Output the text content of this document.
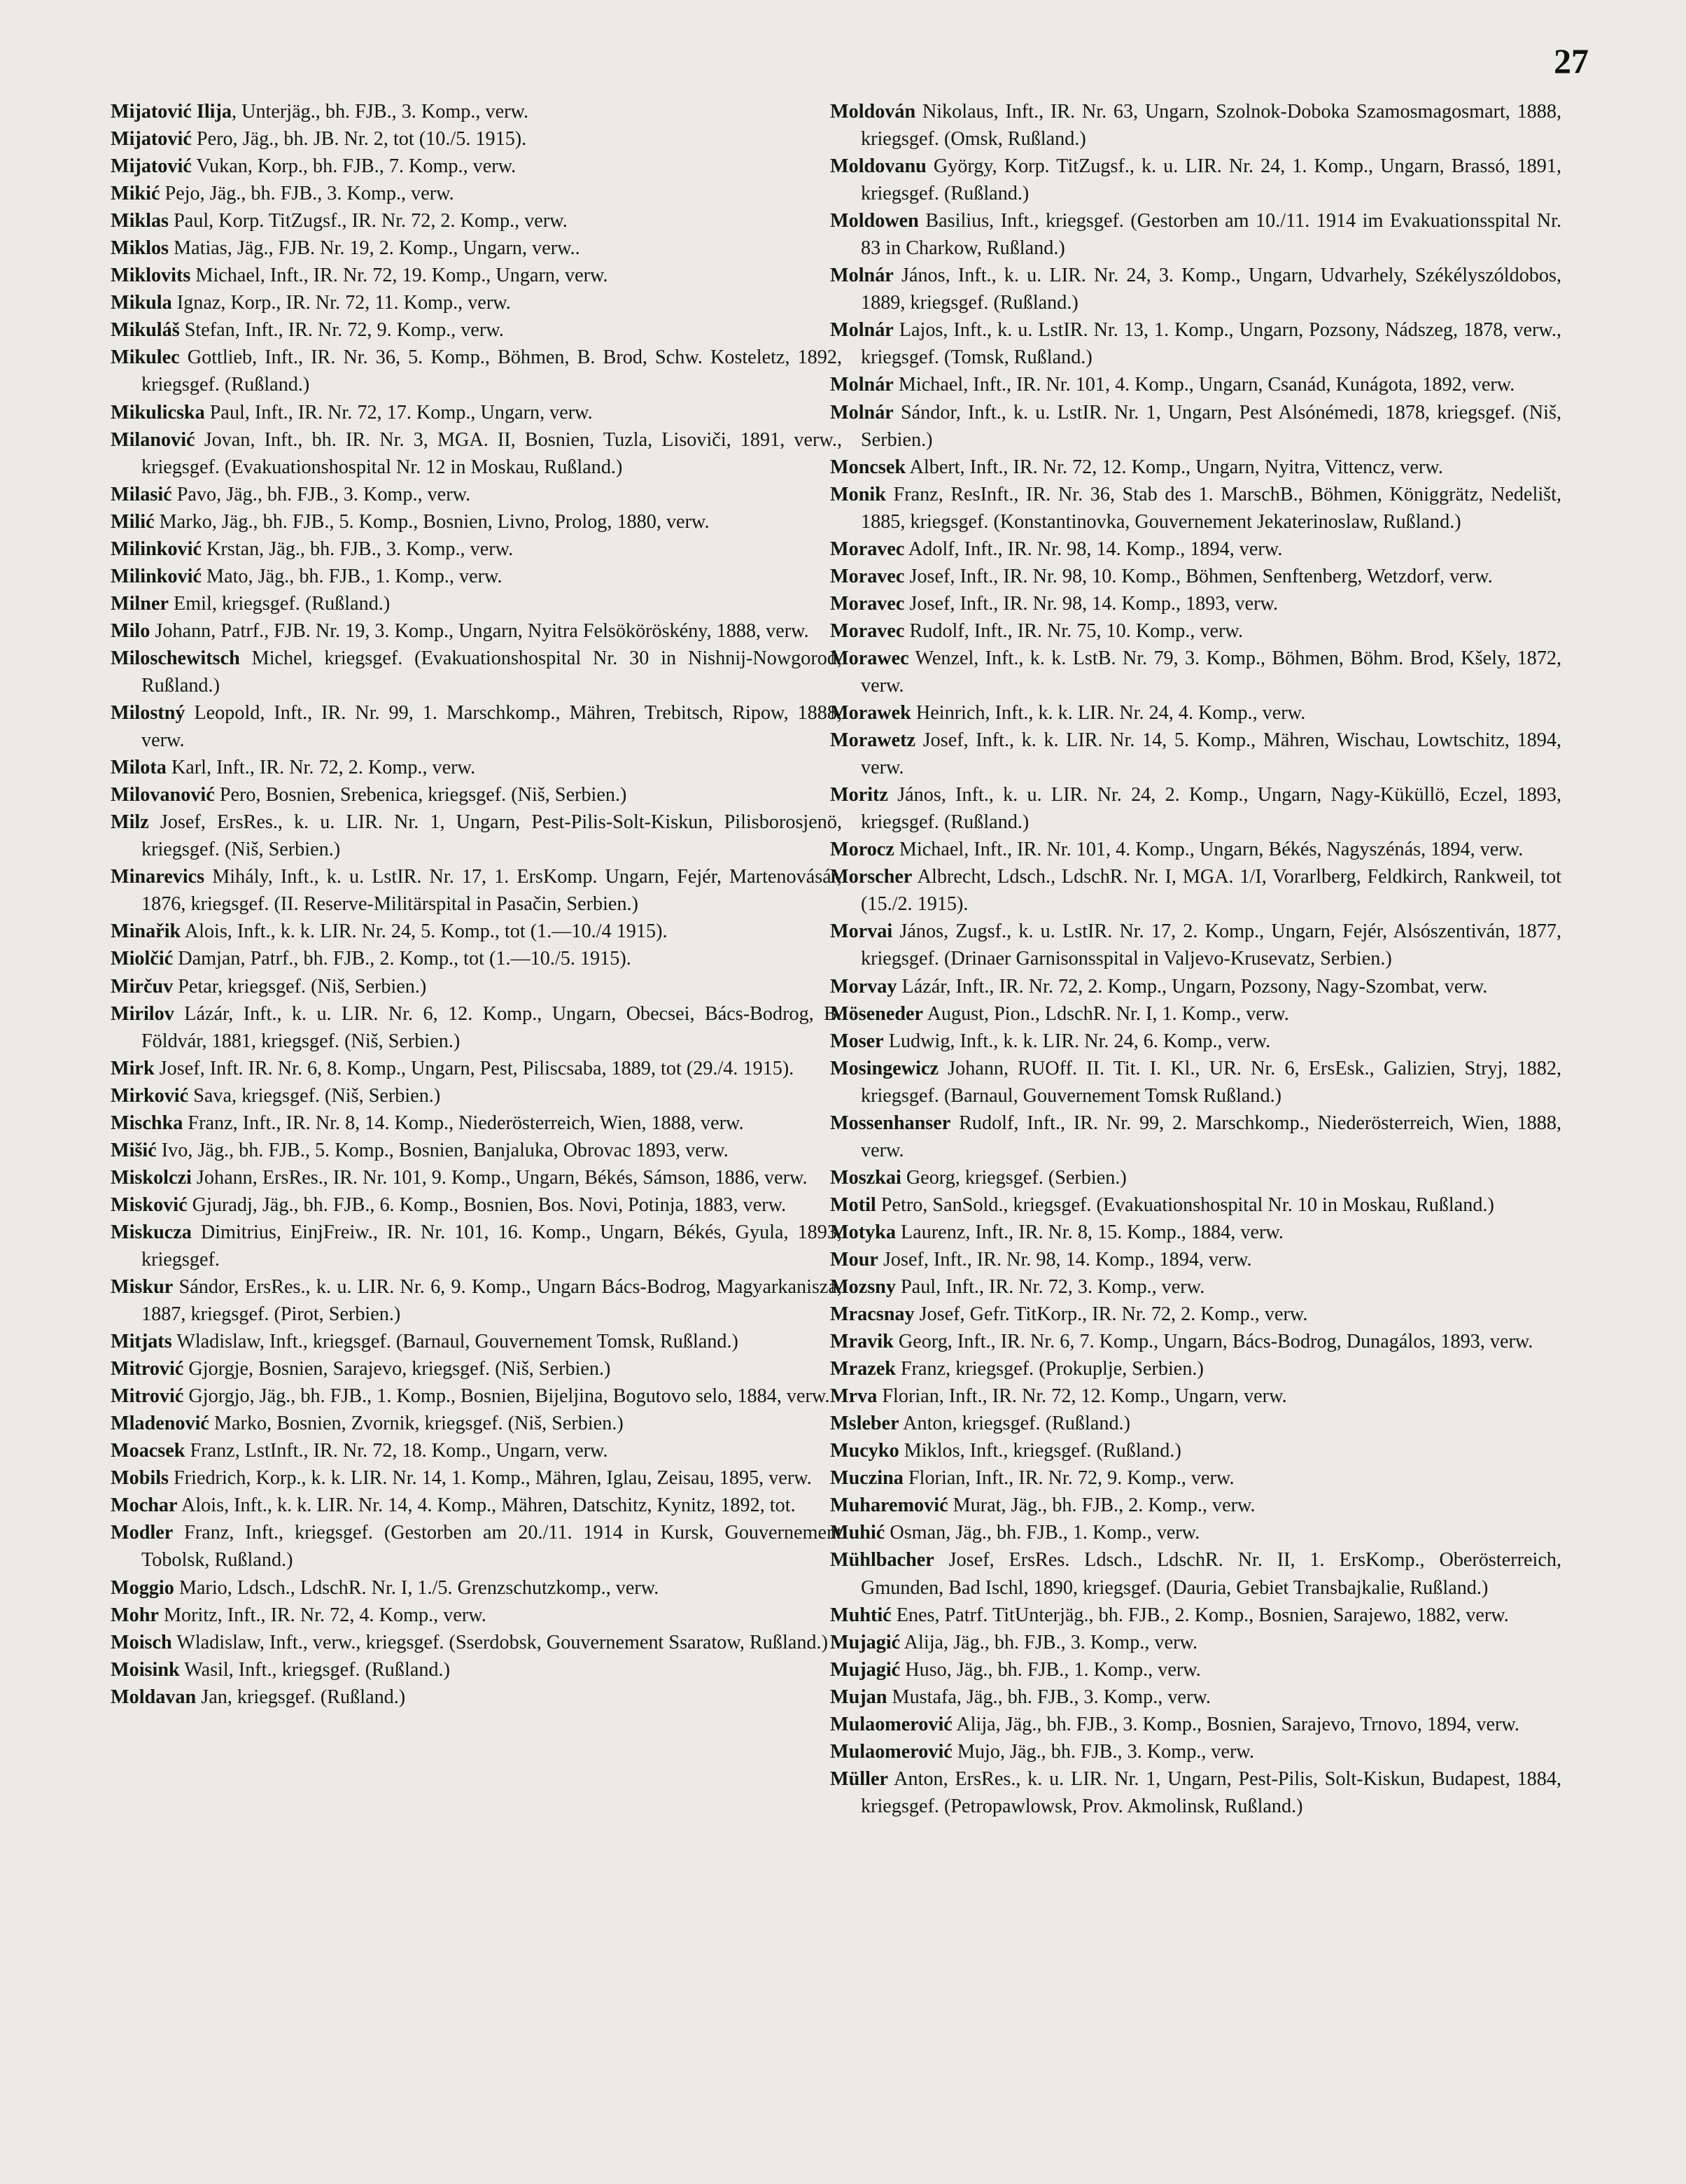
27
Mijatović Ilija, Unterjäg., bh. FJB., 3. Komp., verw.
Mijatović Pero, Jäg., bh. JB. Nr. 2, tot (10./5. 1915).
Mijatović Vukan, Korp., bh. FJB., 7. Komp., verw.
Mikić Pejo, Jäg., bh. FJB., 3. Komp., verw.
Miklas Paul, Korp. TitZugsf., IR. Nr. 72, 2. Komp., verw.
Miklos Matias, Jäg., FJB. Nr. 19, 2. Komp., Ungarn, verw..
Miklovits Michael, Inft., IR. Nr. 72, 19. Komp., Ungarn, verw.
Mikula Ignaz, Korp., IR. Nr. 72, 11. Komp., verw.
Mikuláš Stefan, Inft., IR. Nr. 72, 9. Komp., verw.
Mikulec Gottlieb, Inft., IR. Nr. 36, 5. Komp., Böhmen, B. Brod, Schw. Kosteletz, 1892, kriegsgef. (Rußland.)
Mikulicska Paul, Inft., IR. Nr. 72, 17. Komp., Ungarn, verw.
Milanović Jovan, Inft., bh. IR. Nr. 3, MGA. II, Bosnien, Tuzla, Lisoviči, 1891, verw., kriegsgef. (Evakuationshospital Nr. 12 in Moskau, Rußland.)
Milasić Pavo, Jäg., bh. FJB., 3. Komp., verw.
Milić Marko, Jäg., bh. FJB., 5. Komp., Bosnien, Livno, Prolog, 1880, verw.
Milinković Krstan, Jäg., bh. FJB., 3. Komp., verw.
Milinković Mato, Jäg., bh. FJB., 1. Komp., verw.
Milner Emil, kriegsgef. (Rußland.)
Milo Johann, Patrf., FJB. Nr. 19, 3. Komp., Ungarn, Nyitra Felsököröskény, 1888, verw.
Miloschewitsch Michel, kriegsgef. (Evakuationshospital Nr. 30 in Nishnij-Nowgorod, Rußland.)
Milostný Leopold, Inft., IR. Nr. 99, 1. Marschkomp., Mähren, Trebitsch, Ripow, 1888, verw.
Milota Karl, Inft., IR. Nr. 72, 2. Komp., verw.
Milovanović Pero, Bosnien, Srebenica, kriegsgef. (Niš, Serbien.)
Milz Josef, ErsRes., k. u. LIR. Nr. 1, Ungarn, Pest-Pilis-Solt-Kiskun, Pilisborosjenö, kriegsgef. (Niš, Serbien.)
Minarevics Mihály, Inft., k. u. LstIR. Nr. 17, 1. ErsKomp. Ungarn, Fejér, Martenovásár, 1876, kriegsgef. (II. Reserve-Militärspital in Pasačin, Serbien.)
Minařik Alois, Inft., k. k. LIR. Nr. 24, 5. Komp., tot (1.—10./4 1915).
Miolčić Damjan, Patrf., bh. FJB., 2. Komp., tot (1.—10./5. 1915).
Mirčuv Petar, kriegsgef. (Niš, Serbien.)
Mirilov Lázár, Inft., k. u. LIR. Nr. 6, 12. Komp., Ungarn, Obecsei, Bács-Bodrog, B. Földvár, 1881, kriegsgef. (Niš, Serbien.)
Mirk Josef, Inft. IR. Nr. 6, 8. Komp., Ungarn, Pest, Piliscsaba, 1889, tot (29./4. 1915).
Mirković Sava, kriegsgef. (Niš, Serbien.)
Mischka Franz, Inft., IR. Nr. 8, 14. Komp., Niederösterreich, Wien, 1888, verw.
Mišić Ivo, Jäg., bh. FJB., 5. Komp., Bosnien, Banjaluka, Obrovac 1893, verw.
Miskolczi Johann, ErsRes., IR. Nr. 101, 9. Komp., Ungarn, Békés, Sámson, 1886, verw.
Misković Gjuradj, Jäg., bh. FJB., 6. Komp., Bosnien, Bos. Novi, Potinja, 1883, verw.
Miskucza Dimitrius, EinjFreiw., IR. Nr. 101, 16. Komp., Ungarn, Békés, Gyula, 1893, kriegsgef.
Miskur Sándor, ErsRes., k. u. LIR. Nr. 6, 9. Komp., Ungarn Bács-Bodrog, Magyarkanisza, 1887, kriegsgef. (Pirot, Serbien.)
Mitjats Wladislaw, Inft., kriegsgef. (Barnaul, Gouvernement Tomsk, Rußland.)
Mitrović Gjorgje, Bosnien, Sarajevo, kriegsgef. (Niš, Serbien.)
Mitrović Gjorgjo, Jäg., bh. FJB., 1. Komp., Bosnien, Bijeljina, Bogutovo selo, 1884, verw.
Mladenović Marko, Bosnien, Zvornik, kriegsgef. (Niš, Serbien.)
Moacsek Franz, LstInft., IR. Nr. 72, 18. Komp., Ungarn, verw.
Mobils Friedrich, Korp., k. k. LIR. Nr. 14, 1. Komp., Mähren, Iglau, Zeisau, 1895, verw.
Mochar Alois, Inft., k. k. LIR. Nr. 14, 4. Komp., Mähren, Datschitz, Kynitz, 1892, tot.
Modler Franz, Inft., kriegsgef. (Gestorben am 20./11. 1914 in Kursk, Gouvernement Tobolsk, Rußland.)
Moggio Mario, Ldsch., LdschR. Nr. I, 1./5. Grenzschutzkomp., verw.
Mohr Moritz, Inft., IR. Nr. 72, 4. Komp., verw.
Moisch Wladislaw, Inft., verw., kriegsgef. (Sserdobsk, Gouvernement Ssaratow, Rußland.)
Moisink Wasil, Inft., kriegsgef. (Rußland.)
Moldavan Jan, kriegsgef. (Rußland.)
Moldován Nikolaus, Inft., IR. Nr. 63, Ungarn, Szolnok-Doboka Szamosmagosmart, 1888, kriegsgef. (Omsk, Rußland.)
Moldovanu György, Korp. TitZugsf., k. u. LIR. Nr. 24, 1. Komp., Ungarn, Brassó, 1891, kriegsgef. (Rußland.)
Moldowen Basilius, Inft., kriegsgef. (Gestorben am 10./11. 1914 im Evakuationsspital Nr. 83 in Charkow, Rußland.)
Molnár János, Inft., k. u. LIR. Nr. 24, 3. Komp., Ungarn, Udvarhely, Székélyszóldobos, 1889, kriegsgef. (Rußland.)
Molnár Lajos, Inft., k. u. LstIR. Nr. 13, 1. Komp., Ungarn, Pozsony, Nádszeg, 1878, verw., kriegsgef. (Tomsk, Rußland.)
Molnár Michael, Inft., IR. Nr. 101, 4. Komp., Ungarn, Csanád, Kunágota, 1892, verw.
Molnár Sándor, Inft., k. u. LstIR. Nr. 1, Ungarn, Pest Alsónémedi, 1878, kriegsgef. (Niš, Serbien.)
Moncsek Albert, Inft., IR. Nr. 72, 12. Komp., Ungarn, Nyitra, Vittencz, verw.
Monik Franz, ResInft., IR. Nr. 36, Stab des 1. MarschB., Böhmen, Königgrätz, Nedelišt, 1885, kriegsgef. (Konstantinovka, Gouvernement Jekaterinoslaw, Rußland.)
Moravec Adolf, Inft., IR. Nr. 98, 14. Komp., 1894, verw.
Moravec Josef, Inft., IR. Nr. 98, 10. Komp., Böhmen, Senftenberg, Wetzdorf, verw.
Moravec Josef, Inft., IR. Nr. 98, 14. Komp., 1893, verw.
Moravec Rudolf, Inft., IR. Nr. 75, 10. Komp., verw.
Morawec Wenzel, Inft., k. k. LstB. Nr. 79, 3. Komp., Böhmen, Böhm. Brod, Kšely, 1872, verw.
Morawek Heinrich, Inft., k. k. LIR. Nr. 24, 4. Komp., verw.
Morawetz Josef, Inft., k. k. LIR. Nr. 14, 5. Komp., Mähren, Wischau, Lowtschitz, 1894, verw.
Moritz János, Inft., k. u. LIR. Nr. 24, 2. Komp., Ungarn, Nagy-Küküllö, Eczel, 1893, kriegsgef. (Rußland.)
Morocz Michael, Inft., IR. Nr. 101, 4. Komp., Ungarn, Békés, Nagyszénás, 1894, verw.
Morscher Albrecht, Ldsch., LdschR. Nr. I, MGA. 1/I, Vorarlberg, Feldkirch, Rankweil, tot (15./2. 1915).
Morvai János, Zugsf., k. u. LstIR. Nr. 17, 2. Komp., Ungarn, Fejér, Alsószentiván, 1877, kriegsgef. (Drinaer Garnisonsspital in Valjevo-Krusevatz, Serbien.)
Morvay Lázár, Inft., IR. Nr. 72, 2. Komp., Ungarn, Pozsony, Nagy-Szombat, verw.
Möseneder August, Pion., LdschR. Nr. I, 1. Komp., verw.
Moser Ludwig, Inft., k. k. LIR. Nr. 24, 6. Komp., verw.
Mosingewicz Johann, RUOff. II. Tit. I. Kl., UR. Nr. 6, ErsEsk., Galizien, Stryj, 1882, kriegsgef. (Barnaul, Gouvernement Tomsk Rußland.)
Mossenhanser Rudolf, Inft., IR. Nr. 99, 2. Marschkomp., Niederösterreich, Wien, 1888, verw.
Moszkai Georg, kriegsgef. (Serbien.)
Motil Petro, SanSold., kriegsgef. (Evakuationshospital Nr. 10 in Moskau, Rußland.)
Motyka Laurenz, Inft., IR. Nr. 8, 15. Komp., 1884, verw.
Mour Josef, Inft., IR. Nr. 98, 14. Komp., 1894, verw.
Mozsny Paul, Inft., IR. Nr. 72, 3. Komp., verw.
Mracsnay Josef, Gefr. TitKorp., IR. Nr. 72, 2. Komp., verw.
Mravik Georg, Inft., IR. Nr. 6, 7. Komp., Ungarn, Bács-Bodrog, Dunagálos, 1893, verw.
Mrazek Franz, kriegsgef. (Prokuplje, Serbien.)
Mrva Florian, Inft., IR. Nr. 72, 12. Komp., Ungarn, verw.
Msleber Anton, kriegsgef. (Rußland.)
Mucyko Miklos, Inft., kriegsgef. (Rußland.)
Muczina Florian, Inft., IR. Nr. 72, 9. Komp., verw.
Muharemović Murat, Jäg., bh. FJB., 2. Komp., verw.
Muhić Osman, Jäg., bh. FJB., 1. Komp., verw.
Mühlbacher Josef, ErsRes. Ldsch., LdschR. Nr. II, 1. ErsKomp., Oberösterreich, Gmunden, Bad Ischl, 1890, kriegsgef. (Dauria, Gebiet Transbajkalie, Rußland.)
Muhtić Enes, Patrf. TitUnterjäg., bh. FJB., 2. Komp., Bosnien, Sarajewo, 1882, verw.
Mujagić Alija, Jäg., bh. FJB., 3. Komp., verw.
Mujagić Huso, Jäg., bh. FJB., 1. Komp., verw.
Mujan Mustafa, Jäg., bh. FJB., 3. Komp., verw.
Mulaomerović Alija, Jäg., bh. FJB., 3. Komp., Bosnien, Sarajevo, Trnovo, 1894, verw.
Mulaomerović Mujo, Jäg., bh. FJB., 3. Komp., verw.
Müller Anton, ErsRes., k. u. LIR. Nr. 1, Ungarn, Pest-Pilis, Solt-Kiskun, Budapest, 1884, kriegsgef. (Petropawlowsk, Prov. Akmolinsk, Rußland.)
